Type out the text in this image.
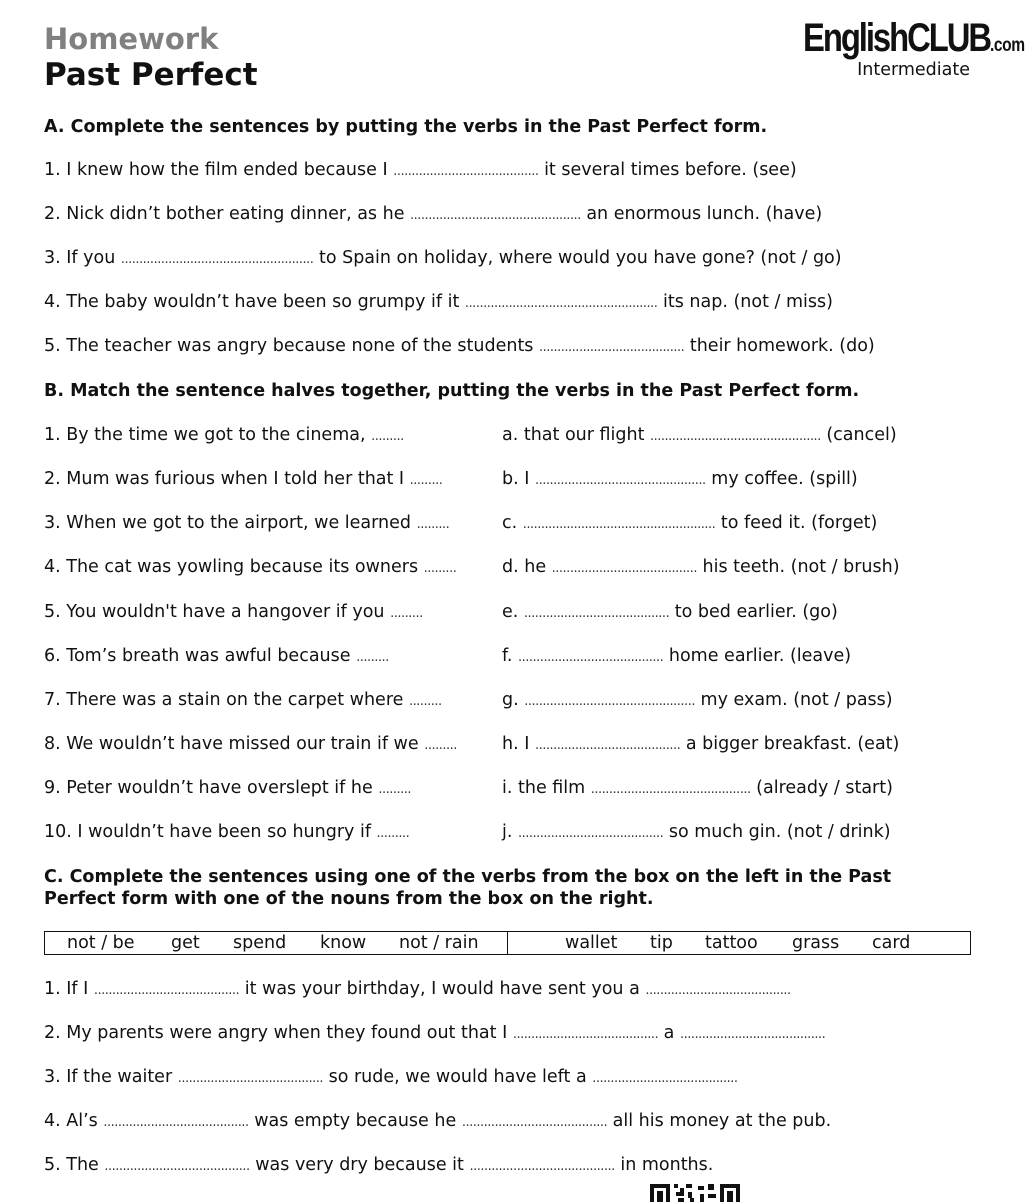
Homework
Past Perfect
EnglishCLUB.com
Intermediate
A. Complete the sentences by putting the verbs in the Past Perfect form.
1. I knew how the film ended because I ........................................ it several times before. (see)
2. Nick didn’t bother eating dinner, as he ............................................... an enormous lunch. (have)
3. If you ..................................................... to Spain on holiday, where would you have gone? (not / go)
4. The baby wouldn’t have been so grumpy if it ..................................................... its nap. (not / miss)
5. The teacher was angry because none of the students ........................................ their homework. (do)
B. Match the sentence halves together, putting the verbs in the Past Perfect form.
1. By the time we got to the cinema, .........
2. Mum was furious when I told her that I .........
3. When we got to the airport, we learned .........
4. The cat was yowling because its owners .........
5. You wouldn't have a hangover if you .........
6. Tom’s breath was awful because .........
7. There was a stain on the carpet where .........
8. We wouldn’t have missed our train if we .........
9. Peter wouldn’t have overslept if he .........
10. I wouldn’t have been so hungry if .........
a. that our flight ............................................... (cancel)
b. I ............................................... my coffee. (spill)
c. ..................................................... to feed it. (forget)
d. he ........................................ his teeth. (not / brush)
e. ........................................ to bed earlier. (go)
f. ........................................ home earlier. (leave)
g. ............................................... my exam. (not / pass)
h. I ........................................ a bigger breakfast. (eat)
i. the film ............................................ (already / start)
j. ........................................ so much gin. (not / drink)
C. Complete the sentences using one of the verbs from the box on the left in the Past
Perfect form with one of the nouns from the box on the right.
not / be get spend know not / rain	wallet tip tattoo grass card
1. If I ........................................ it was your birthday, I would have sent you a ........................................
2. My parents were angry when they found out that I ........................................ a ........................................
3. If the waiter ........................................ so rude, we would have left a ........................................
4. Al’s ........................................ was empty because he ........................................ all his money at the pub.
5. The ........................................ was very dry because it ........................................ in months.
